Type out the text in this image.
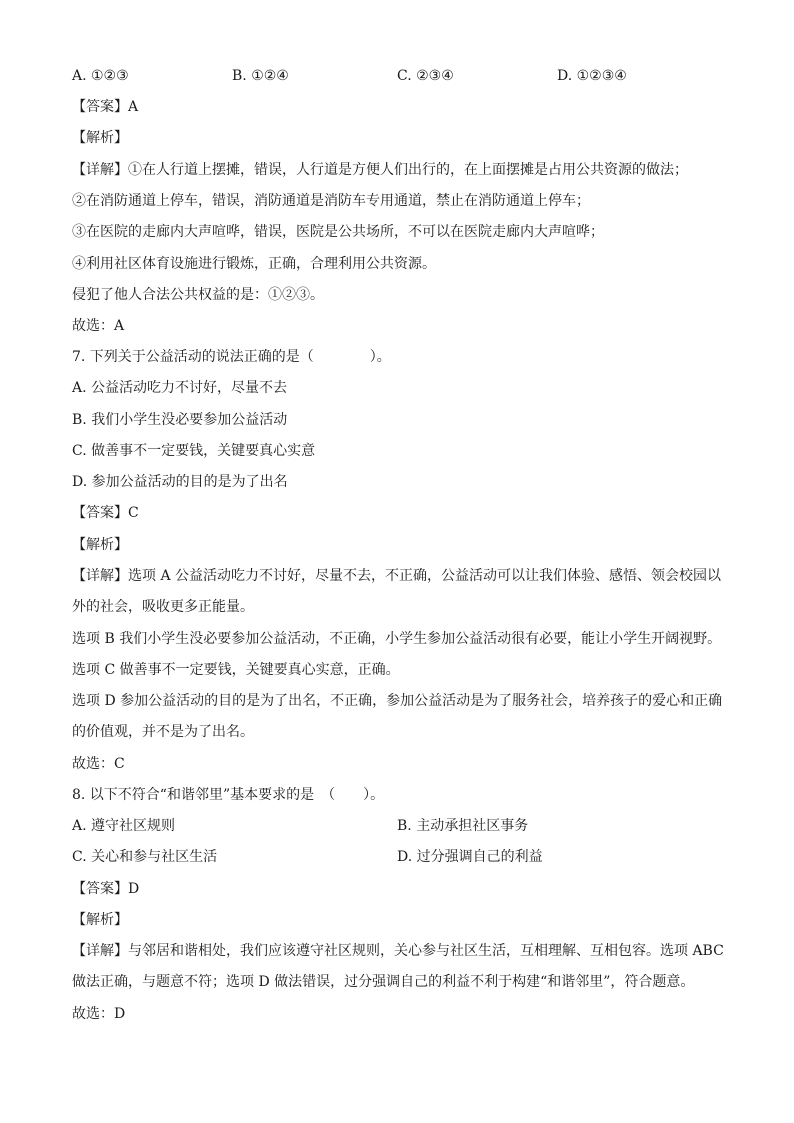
A. ①②③	B. ①②④	C. ②③④	D. ①②③④
【答案】A
【解析】
【详解】①在人行道上摆摊，错误，人行道是方便人们出行的，在上面摆摊是占用公共资源的做法；
②在消防通道上停车，错误，消防通道是消防车专用通道，禁止在消防通道上停车；
③在医院的走廊内大声喧哗，错误，医院是公共场所，不可以在医院走廊内大声喧哗；
④利用社区体育设施进行锻炼，正确，合理利用公共资源。
侵犯了他人合法公共权益的是：①②③。
故选：A
7. 下列关于公益活动的说法正确的是（　　　　）。
A. 公益活动吃力不讨好，尽量不去
B. 我们小学生没必要参加公益活动
C. 做善事不一定要钱，关键要真心实意
D. 参加公益活动的目的是为了出名
【答案】C
【解析】
【详解】选项 A 公益活动吃力不讨好，尽量不去，不正确，公益活动可以让我们体验、感悟、领会校园以
外的社会，吸收更多正能量。
选项 B 我们小学生没必要参加公益活动，不正确，小学生参加公益活动很有必要，能让小学生开阔视野。
选项 C 做善事不一定要钱，关键要真心实意，正确。
选项 D 参加公益活动的目的是为了出名，不正确，参加公益活动是为了服务社会，培养孩子的爱心和正确
的价值观，并不是为了出名。
故选：C
8. 以下不符合“和谐邻里”基本要求的是　（　　）。
A. 遵守社区规则	B. 主动承担社区事务
C. 关心和参与社区生活	D. 过分强调自己的利益
【答案】D
【解析】
【详解】与邻居和谐相处，我们应该遵守社区规则，关心参与社区生活，互相理解、互相包容。选项 ABC
做法正确，与题意不符；选项 D 做法错误，过分强调自己的利益不利于构建“和谐邻里”，符合题意。
故选：D
